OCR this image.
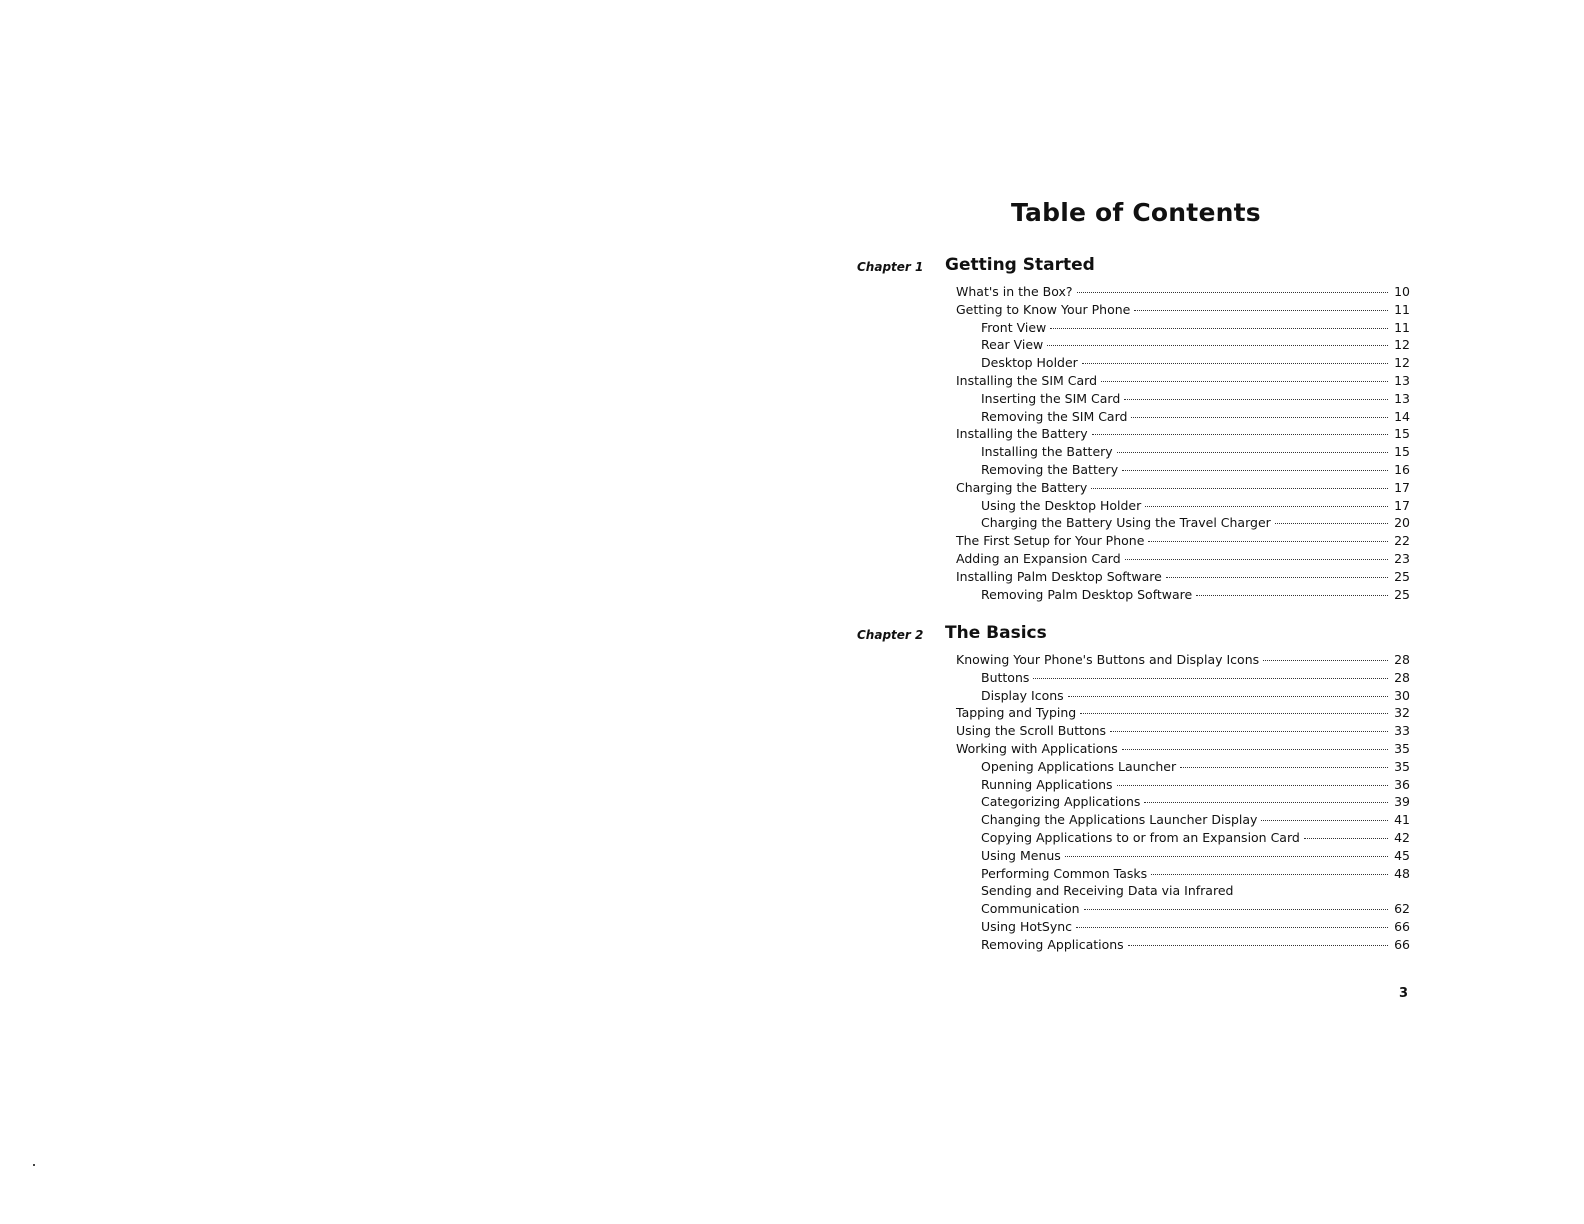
Table of Contents
Chapter 1 Getting Started
What's in the Box?	10
Getting to Know Your Phone	11
Front View	11
Rear View	12
Desktop Holder	12
Installing the SIM Card	13
Inserting the SIM Card	13
Removing the SIM Card	14
Installing the Battery	15
Installing the Battery	15
Removing the Battery	16
Charging the Battery	17
Using the Desktop Holder	17
Charging the Battery Using the Travel Charger	20
The First Setup for Your Phone	22
Adding an Expansion Card	23
Installing Palm Desktop Software	25
Removing Palm Desktop Software	25
Chapter 2 The Basics
Knowing Your Phone's Buttons and Display Icons	28
Buttons	28
Display Icons	30
Tapping and Typing	32
Using the Scroll Buttons	33
Working with Applications	35
Opening Applications Launcher	35
Running Applications	36
Categorizing Applications	39
Changing the Applications Launcher Display	41
Copying Applications to or from an Expansion Card	42
Using Menus	45
Performing Common Tasks	48
Sending and Receiving Data via Infrared
Communication	62
Using HotSync	66
Removing Applications	66
3
